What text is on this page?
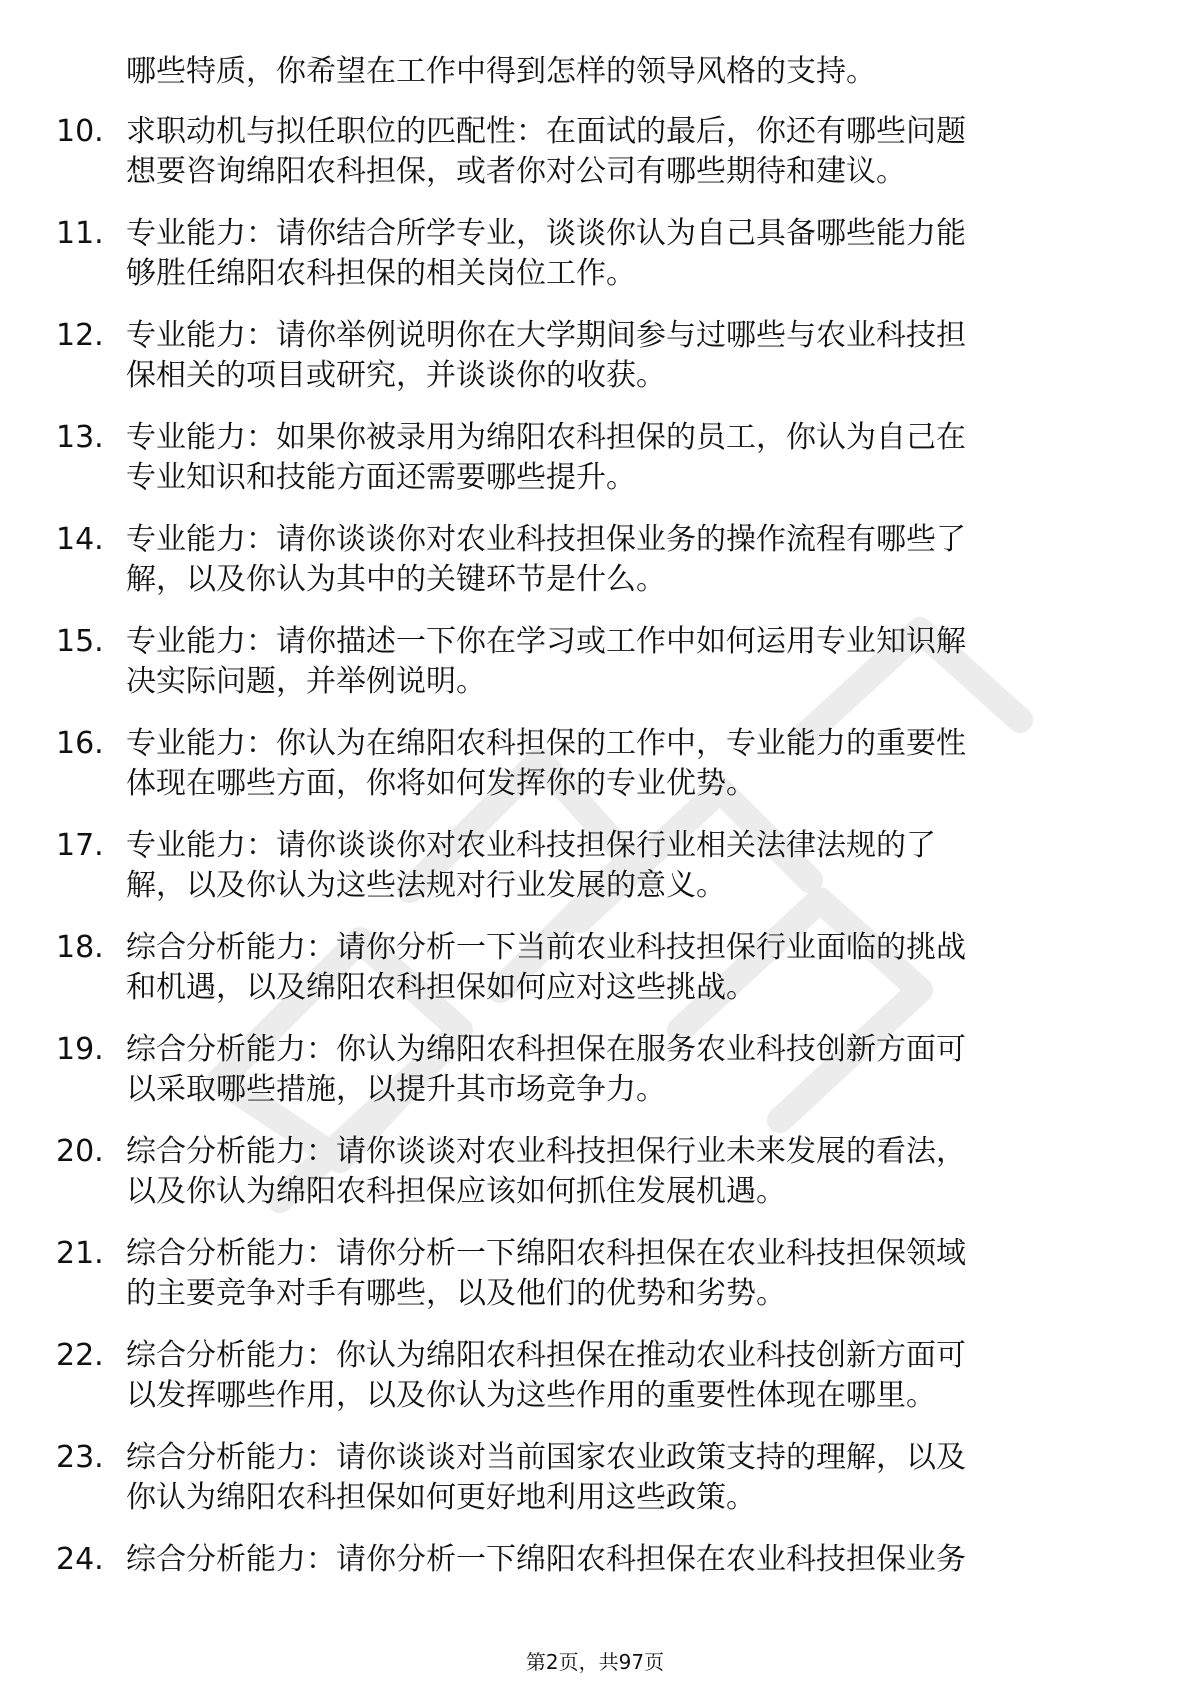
哪些特质，你希望在工作中得到怎样的领导风格的支持。
10. 求职动机与拟任职位的匹配性：在面试的最后，你还有哪些问题
想要咨询绵阳农科担保，或者你对公司有哪些期待和建议。
11. 专业能力：请你结合所学专业，谈谈你认为自己具备哪些能力能
够胜任绵阳农科担保的相关岗位工作。
12. 专业能力：请你举例说明你在大学期间参与过哪些与农业科技担
保相关的项目或研究，并谈谈你的收获。
13. 专业能力：如果你被录用为绵阳农科担保的员工，你认为自己在
专业知识和技能方面还需要哪些提升。
14. 专业能力：请你谈谈你对农业科技担保业务的操作流程有哪些了
解，以及你认为其中的关键环节是什么。
15. 专业能力：请你描述一下你在学习或工作中如何运用专业知识解
决实际问题，并举例说明。
16. 专业能力：你认为在绵阳农科担保的工作中，专业能力的重要性
体现在哪些方面，你将如何发挥你的专业优势。
17. 专业能力：请你谈谈你对农业科技担保行业相关法律法规的了
解，以及你认为这些法规对行业发展的意义。
18. 综合分析能力：请你分析一下当前农业科技担保行业面临的挑战
和机遇，以及绵阳农科担保如何应对这些挑战。
19. 综合分析能力：你认为绵阳农科担保在服务农业科技创新方面可
以采取哪些措施，以提升其市场竞争力。
20. 综合分析能力：请你谈谈对农业科技担保行业未来发展的看法，
以及你认为绵阳农科担保应该如何抓住发展机遇。
21. 综合分析能力：请你分析一下绵阳农科担保在农业科技担保领域
的主要竞争对手有哪些，以及他们的优势和劣势。
22. 综合分析能力：你认为绵阳农科担保在推动农业科技创新方面可
以发挥哪些作用，以及你认为这些作用的重要性体现在哪里。
23. 综合分析能力：请你谈谈对当前国家农业政策支持的理解，以及
你认为绵阳农科担保如何更好地利用这些政策。
24. 综合分析能力：请你分析一下绵阳农科担保在农业科技担保业务
第2页，共97页
